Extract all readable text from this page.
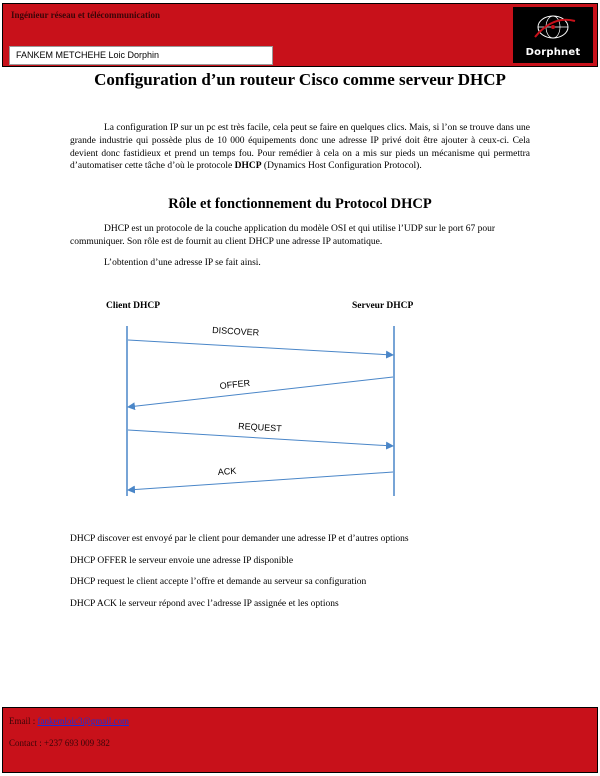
Ingénieur réseau et télécommunication
FANKEM METCHEHE Loic Dorphin	Dorphnet
Configuration d’un routeur Cisco comme serveur DHCP
La configuration IP sur un pc est très facile, cela peut se faire en quelques clics. Mais, si l’on se trouve dans une grande industrie qui possède plus de 10 000 équipements donc une adresse IP privé doit être ajouter à ceux-ci. Cela devient donc fastidieux et prend un temps fou. Pour remédier à cela on a mis sur pieds un mécanisme qui permettra d’automatiser cette tâche d’où le protocole DHCP (Dynamics Host Configuration Protocol).
Rôle et fonctionnement du Protocol DHCP
DHCP est un protocole de la couche application du modèle OSI et qui utilise l’UDP sur le port 67 pour communiquer. Son rôle est de fournit au client DHCP une adresse IP automatique.
L’obtention d’une adresse IP se fait ainsi.
Client DHCP	Serveur DHCP
DISCOVER
OFFER
REQUEST
ACK
DHCP discover est envoyé par le client pour demander une adresse IP et d’autres options
DHCP OFFER le serveur envoie une adresse IP disponible
DHCP request le client accepte l’offre et demande au serveur sa configuration
DHCP ACK le serveur répond avec l’adresse IP assignée et les options
Email : fankemloic3@gmail.com
Contact : +237 693 009 382
